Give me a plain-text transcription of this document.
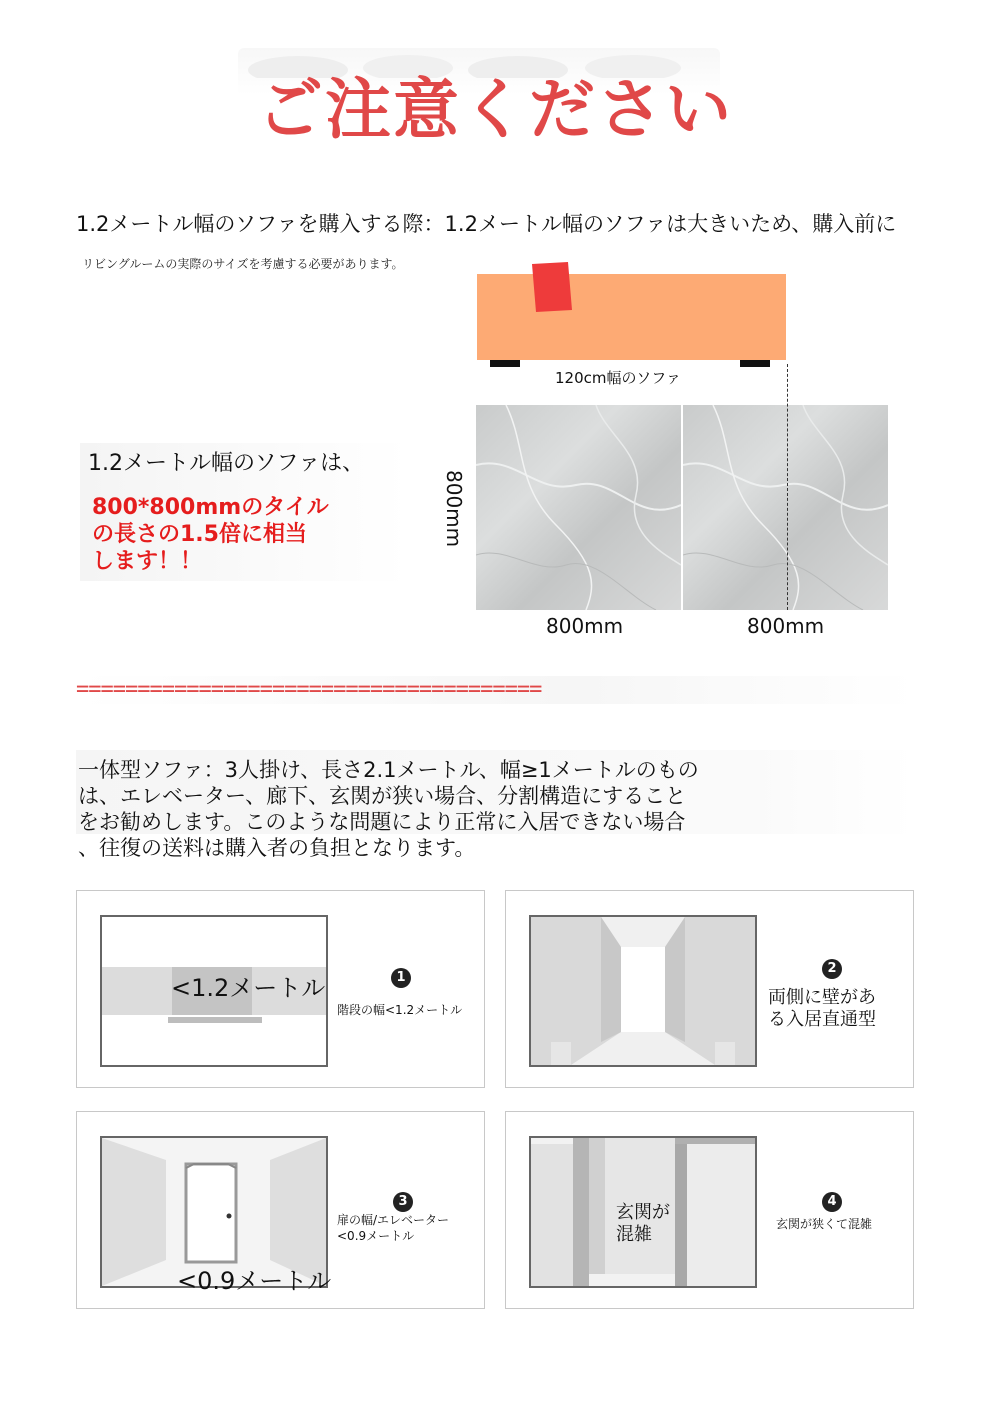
ご注意ください
1.2メートル幅のソファを購入する際：1.2メートル幅のソファは大きいため、購入前に
リビングルームの実際のサイズを考慮する必要があります。
1.2メートル幅のソファは、
800*800mmのタイル
の長さの1.5倍に相当
します！！
120cm幅のソファ
800mm
800mm	800mm
======================================
一体型ソファ：3人掛け、長さ2.1メートル、幅≥1メートルのもの
は、エレベーター、廊下、玄関が狭い場合、分割構造にすること
をお勧めします。このような問題により正常に入居できない場合
、往復の送料は購入者の負担となります。
<1.2メートル	1
階段の幅<1.2メートル
2
両側に壁があ
る入居直通型
<0.9メートル
3
扉の幅/エレベーター
<0.9メートル
玄関が
混雑
4
玄関が狭くて混雑
